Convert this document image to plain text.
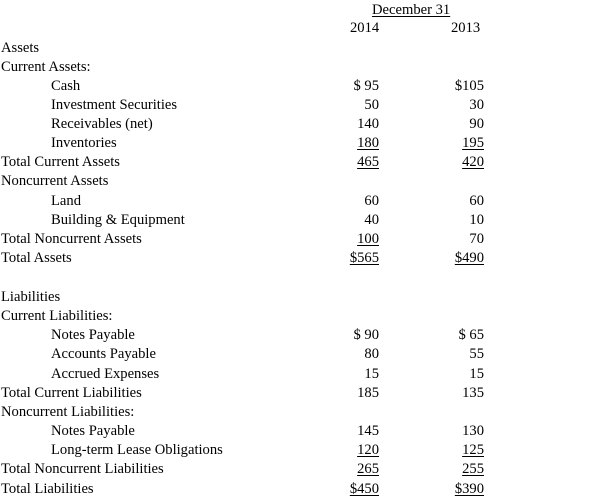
December 31
2014	2013
Assets
Current Assets:
Cash	$ 95	$105
Investment Securities	50	30
Receivables (net)	140	90
Inventories	180	195
Total Current Assets	465	420
Noncurrent Assets
Land	60	60
Building & Equipment	40	10
Total Noncurrent Assets	100	70
Total Assets	$565	$490
Liabilities
Current Liabilities:
Notes Payable	$ 90	$ 65
Accounts Payable	80	55
Accrued Expenses	15	15
Total Current Liabilities	185	135
Noncurrent Liabilities:
Notes Payable	145	130
Long-term Lease Obligations	120	125
Total Noncurrent Liabilities	265	255
Total Liabilities	$450	$390
